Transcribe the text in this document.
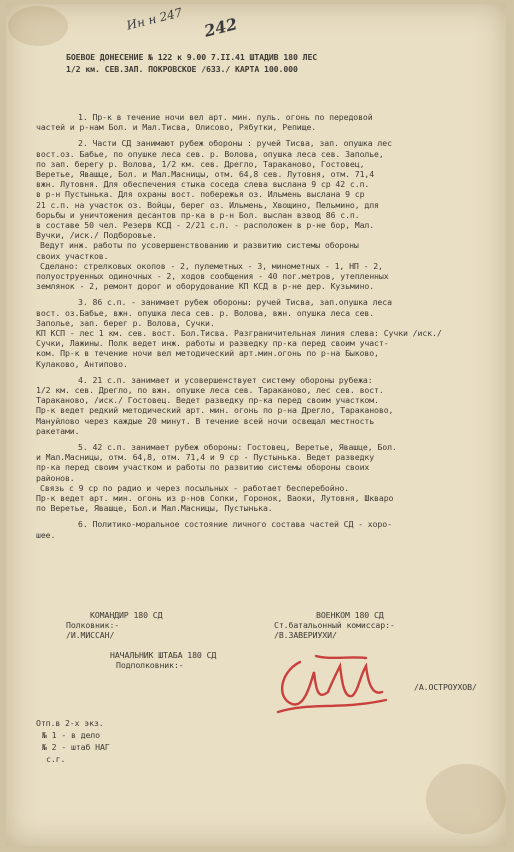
Ин н 247 242
БОЕВОЕ ДОНЕСЕНИЕ № 122 к 9.00 7.II.41 ШТАДИВ 180 ЛЕС
1/2 км. СЕВ.ЗАП. ПОКРОВСКОЕ /633./ КАРТА 100.000
1. Пр-к в течение ночи вел арт. мин. пуль. огонь по передовой
частей и р-нам Бол. и Мал.Тисва, Олисово, Рябутки, Репище.
2. Части СД занимают рубеж обороны : ручей Тисва, зап. опушка лес
вост.оз. Бабье, по опушке леса сев. р. Волова, опушка леса сев. Заполье,
по зап. берегу р. Волова, 1/2 км. сев. Дрегло, Тараканово, Гостовец,
Веретье, Явашце, Бол. и Мал.Масницы, отм. 64,8 сев. Лутовня, отм. 71,4
вжн. Лутовня. Для обеспечения стыка соседа слева выслана 9 ср 42 с.п.
в р-н Пустынька. Для охраны вост. побережья оз. Ильмень выслана 9 ср
21 с.п. на участок оз. Войцы, берег оз. Ильмень, Хвощино, Пельмино, для
борьбы и уничтожения десантов пр-ка в р-н Бол. выслан взвод 86 с.п.
в составе 50 чел. Резерв КСД - 2/21 с.п. - расположен в р-не бор, Мал.
Вучки, /иск./ Подборовье.
Ведут инж. работы по усовершенствованию и развитию системы обороны
своих участков.
Сделано: стрелковых окопов - 2, пулеметных - 3, минометных - 1, НП - 2,
полуоструенных одиночных - 2, ходов сообщения - 40 пог.метров, утепленных
землянок - 2, ремонт дорог и оборудование КП КСД в р-не дер. Кузьмино.
3. 86 с.п. - занимает рубеж обороны: ручей Тисва, зап.опушка леса
вост. оз.Бабье, вжн. опушка леса сев. р. Волова, вжн. опушка леса сев.
Заполье, зап. берег р. Волова, Сучки.
КП КСП - лес 1 км. сев. вост. Бол.Тисва. Разграничительная линия слева: Сучки /иск./
Сучки, Лажины. Полк ведет инж. работы и разведку пр-ка перед своим участ-
ком. Пр-к в течение ночи вел методический арт.мин.огонь по р-на Быково,
Кулаково, Антипово.
4. 21 с.п. занимает и усовершенствует систему обороны рубежа:
1/2 км. сев. Дрегло, по вжн. опушке леса сев. Тараканово, лес сев. вост.
Тараканово, /иск./ Гостовец. Ведет разведку пр-ка перед своим участком.
Пр-к ведет редкий методический арт. мин. огонь по р-на Дрегло, Тараканово,
Мануйлово через каждые 20 минут. В течение всей ночи освещал местность
ракетами.
5. 42 с.п. занимает рубеж обороны: Гостовец, Веретье, Явашце, Бол.
и Мал.Масницы, отм. 64,8, отм. 71,4 и 9 ср - Пустынька. Ведет разведку
пр-ка перед своим участком и работы по развитию системы обороны своих
районов.
Связь с 9 ср по радио и через посыльных - работает бесперебойно.
Пр-к ведет арт. мин. огонь из р-нов Сопки, Горонок, Ваоки, Лутовня, Шкваро
по Веретье, Явашце, Бол.и Мал.Масницы, Пустынька.
6. Политико-моральное состояние личного состава частей СД - хоро-
шее.
КОМАНДИР 180 СД
Полковник:-
/И.МИССАН/
ВОЕНКОМ 180 СД
Ст.батальонный комиссар:-
/В.ЗАВЕРИУХИ/
НАЧАЛЬНИК ШТАБА 180 СД
Подполковник:-
/А.ОСТРОУХОВ/
Отп.в 2-х экз.
№ 1 - в дело
№ 2 - штаб НАГ
с.г.
